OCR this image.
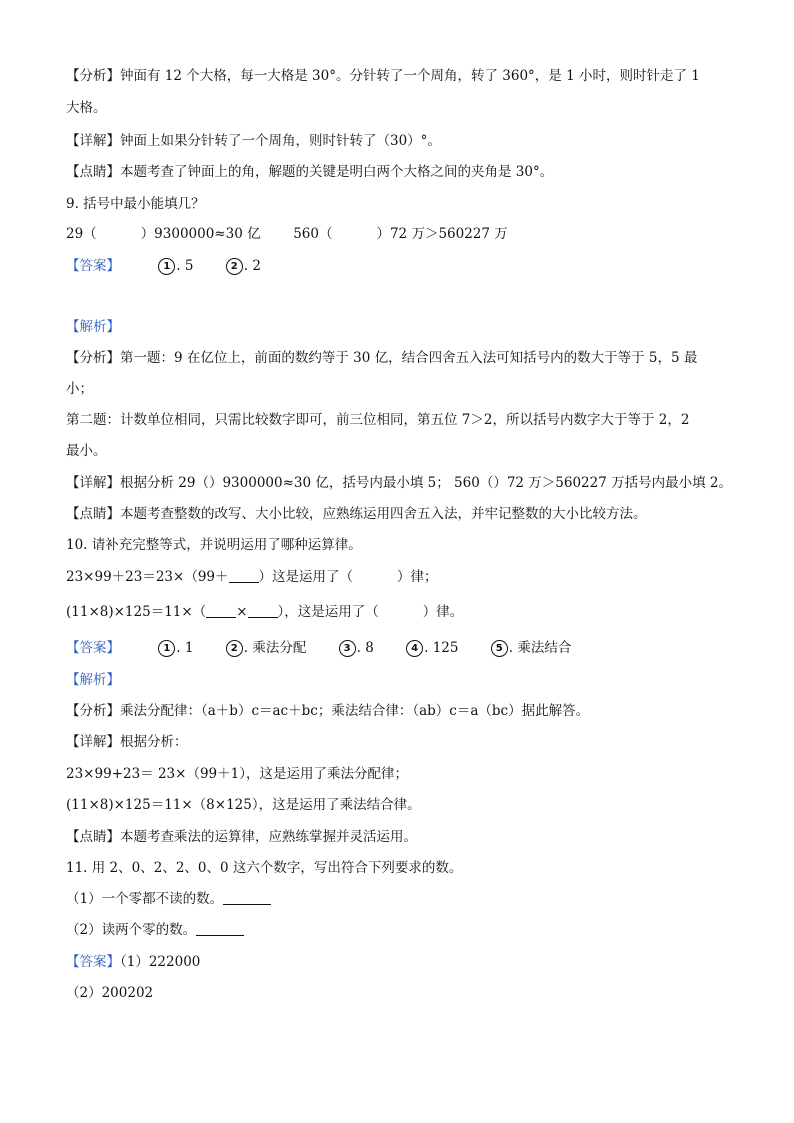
【分析】钟面有 12 个大格，每一大格是 30°。分针转了一个周角，转了 360°，是 1 小时，则时针走了 1
大格。
【详解】钟面上如果分针转了一个周角，则时针转了（30）°。
【点睛】本题考查了钟面上的角，解题的关键是明白两个大格之间的夹角是 30°。
9. 括号中最小能填几？
29（	）9300000≈30 亿 560（	）72 万＞560227 万
【答案】	1 . 5	2 . 2
【解析】
【分析】第一题：9 在亿位上，前面的数约等于 30 亿，结合四舍五入法可知括号内的数大于等于 5，5 最
小；
第二题：计数单位相同，只需比较数字即可，前三位相同，第五位 7＞2，所以括号内数字大于等于 2，2
最小。
【详解】根据分析 29（）9300000≈30 亿，括号内最小填 5； 560（）72 万＞560227 万括号内最小填 2。
【点睛】本题考查整数的改写、大小比较，应熟练运用四舍五入法，并牢记整数的大小比较方法。
10. 请补充完整等式，并说明运用了哪种运算律。
23×99＋23＝23×（99＋ ）这是运用了（	）律；
(11×8)×125＝11×（ × ），这是运用了（	）律。
【答案】	1 . 1	2 . 乘法分配	3 . 8	4 . 125	5 . 乘法结合
【解析】
【分析】乘法分配律：（a＋b）c＝ac＋bc；乘法结合律：（ab）c＝a（bc）据此解答。
【详解】根据分析：
23×99+23＝ 23×（99＋1），这是运用了乘法分配律；
(11×8)×125＝11×（8×125），这是运用了乘法结合律。
【点睛】本题考查乘法的运算律，应熟练掌握并灵活运用。
11. 用 2、0、2、2、0、0 这六个数字，写出符合下列要求的数。
（1）一个零都不读的数。
（2）读两个零的数。
【答案】（1）222000
（2）200202
